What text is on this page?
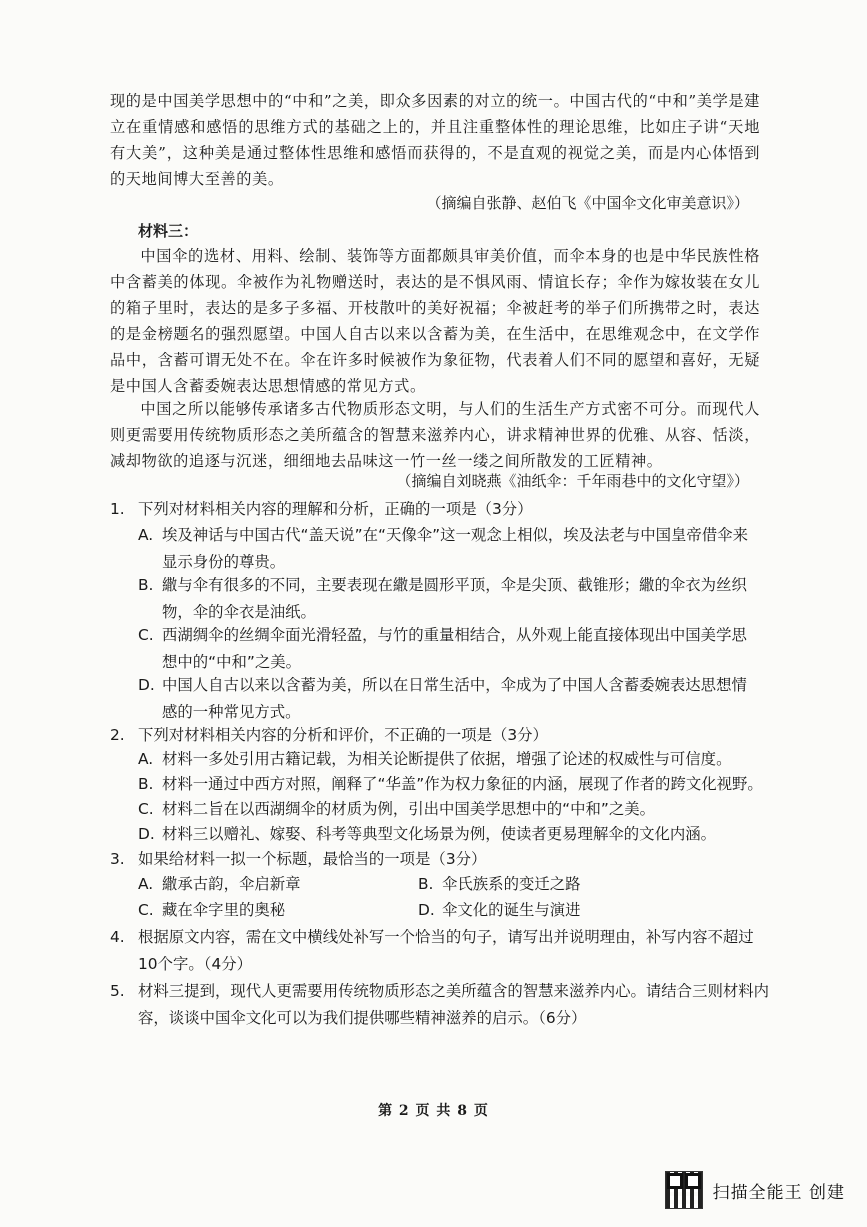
现的是中国美学思想中的“中和”之美，即众多因素的对立的统一。中国古代的“中和”美学是建立在重情感和感悟的思维方式的基础之上的，并且注重整体性的理论思维，比如庄子讲“天地有大美”，这种美是通过整体性思维和感悟而获得的，不是直观的视觉之美，而是内心体悟到的天地间博大至善的美。

（摘编自张静、赵伯飞《中国伞文化审美意识》）

材料三：

中国伞的选材、用料、绘制、装饰等方面都颇具审美价值，而伞本身的也是中华民族性格中含蓄美的体现。伞被作为礼物赠送时，表达的是不惧风雨、情谊长存；伞作为嫁妆装在女儿的箱子里时，表达的是多子多福、开枝散叶的美好祝福；伞被赶考的举子们所携带之时，表达的是金榜题名的强烈愿望。中国人自古以来以含蓄为美，在生活中，在思维观念中，在文学作品中，含蓄可谓无处不在。伞在许多时候被作为象征物，代表着人们不同的愿望和喜好，无疑是中国人含蓄委婉表达思想情感的常见方式。

中国之所以能够传承诸多古代物质形态文明，与人们的生活生产方式密不可分。而现代人则更需要用传统物质形态之美所蕴含的智慧来滋养内心，讲求精神世界的优雅、从容、恬淡，减却物欲的追逐与沉迷，细细地去品味这一竹一丝一缕之间所散发的工匠精神。

（摘编自刘晓燕《油纸伞：千年雨巷中的文化守望》）

1. 下列对材料相关内容的理解和分析，正确的一项是（3分）
A. 埃及神话与中国古代“盖天说”在“天像伞”这一观念上相似，埃及法老与中国皇帝借伞来显示身份的尊贵。
B. 繖与伞有很多的不同，主要表现在繖是圆形平顶，伞是尖顶、截锥形；繖的伞衣为丝织物，伞的伞衣是油纸。
C. 西湖绸伞的丝绸伞面光滑轻盈，与竹的重量相结合，从外观上能直接体现出中国美学思想中的“中和”之美。
D. 中国人自古以来以含蓄为美，所以在日常生活中，伞成为了中国人含蓄委婉表达思想情感的一种常见方式。
2. 下列对材料相关内容的分析和评价，不正确的一项是（3分）
A. 材料一多处引用古籍记载，为相关论断提供了依据，增强了论述的权威性与可信度。
B. 材料一通过中西方对照，阐释了“华盖”作为权力象征的内涵，展现了作者的跨文化视野。
C. 材料二旨在以西湖绸伞的材质为例，引出中国美学思想中的“中和”之美。
D. 材料三以赠礼、嫁娶、科考等典型文化场景为例，使读者更易理解伞的文化内涵。
3. 如果给材料一拟一个标题，最恰当的一项是（3分）
A. 繖承古韵，伞启新章	B. 伞氏族系的变迁之路
C. 藏在伞字里的奥秘	D. 伞文化的诞生与演进
4. 根据原文内容，需在文中横线处补写一个恰当的句子，请写出并说明理由，补写内容不超过10个字。（4分）
5. 材料三提到，现代人更需要用传统物质形态之美所蕴含的智慧来滋养内心。请结合三则材料内容，谈谈中国伞文化可以为我们提供哪些精神滋养的启示。（6分）
第 2 页 共 8 页
扫描全能王 创建
